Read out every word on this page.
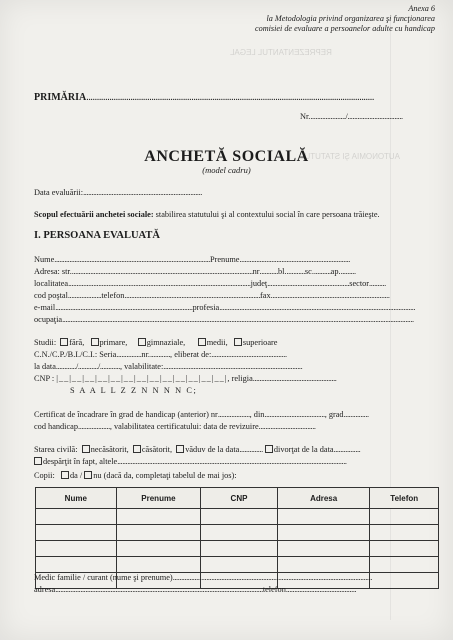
REPREZENTANTUL LEGAL
AUTONOMIA ŞI STATUTUL
Anexa 6
la Metodologia privind organizarea şi funcţionarea
comisiei de evaluare a persoanelor adulte cu handicap
PRIMĂRIA.........................................................................................................................................
Nr....................../.................................
ANCHETĂ SOCIALĂ
(model cadru)
Data evaluării:.......................................................................
Scopul efectuării anchetei sociale: stabilirea statutului şi al contextului social în care persoana trăieşte.
I. PERSOANA EVALUATĂ
Nume.............................................................................................Prenume..................................................................
Adresa: str.............................................................................................................nr...........bl............sc...........ap..........
localitatea.............................................................................................................judeţ.................................................sector..........
cod poştal....................telefon.................................................................................fax.......................................................................
e-mail..................................................................................profesia.....................................................................................................................
ocupaţia..................................................................................................................................................................................................................
Studii: fără, primare, gimnaziale,	medii, superioare
C.N./C.P./B.I./C.I.: Seria...............nr............., eliberat de:.............................................
la data............/............/............, valabilitate:...................................................................................
CNP : |__|__|__|__|__|__|__|__|__|__|__|__|__|, religia..................................................
S A A L L Z Z N N N N C;
Certificat de încadrare în grad de handicap (anterior) nr..................., din...................................., grad...............
cod handicap..................., valabilitatea certificatului: data de revizuire..................................
Starea civilă: necăsătorit, căsătorit, văduv de la data.............. divorţat de la data................
despărţit în fapt, altele.........................................................................................................................................
Copii: da / nu (dacă da, completaţi tabelul de mai jos):
Nume	Prenume	CNP	Adresa	Telefon

Medic familie / curant (nume şi prenume).......................................................................................................................
adresa............................................................................................................................telefon..........................................
